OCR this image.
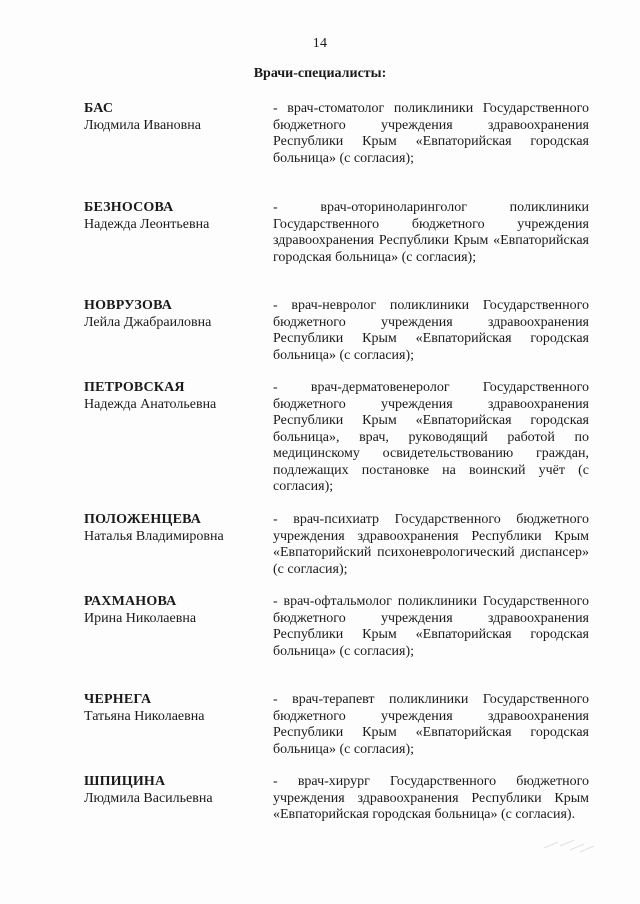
14
Врачи-специалисты:
БАС
Людмила Ивановна
- врач-стоматолог поликлиники Государственного бюджетного учреждения здравоохранения Республики Крым «Евпаторийская городская больница» (с согласия);
БЕЗНОСОВА
Надежда Леонтьевна
- врач-оториноларинголог поликлиники Государственного бюджетного учреждения здравоохранения Республики Крым «Евпаторийская городская больница» (с согласия);
НОВРУЗОВА
Лейла Джабраиловна
- врач-невролог поликлиники Государственного бюджетного учреждения здравоохранения Республики Крым «Евпаторийская городская больница» (с согласия);
ПЕТРОВСКАЯ
Надежда Анатольевна
- врач-дерматовенеролог Государственного бюджетного учреждения здравоохранения Республики Крым «Евпаторийская городская больница», врач, руководящий работой по медицинскому освидетельствованию граждан, подлежащих постановке на воинский учёт (с согласия);
ПОЛОЖЕНЦЕВА
Наталья Владимировна
- врач-психиатр Государственного бюджетного учреждения здравоохранения Республики Крым «Евпаторийский психоневрологический диспансер» (с согласия);
РАХМАНОВА
Ирина Николаевна
- врач-офтальмолог поликлиники Государственного бюджетного учреждения здравоохранения Республики Крым «Евпаторийская городская больница» (с согласия);
ЧЕРНЕГА
Татьяна Николаевна
- врач-терапевт поликлиники Государственного бюджетного учреждения здравоохранения Республики Крым «Евпаторийская городская больница» (с согласия);
ШПИЦИНА
Людмила Васильевна
- врач-хирург Государственного бюджетного учреждения здравоохранения Республики Крым «Евпаторийская городская больница» (с согласия).
